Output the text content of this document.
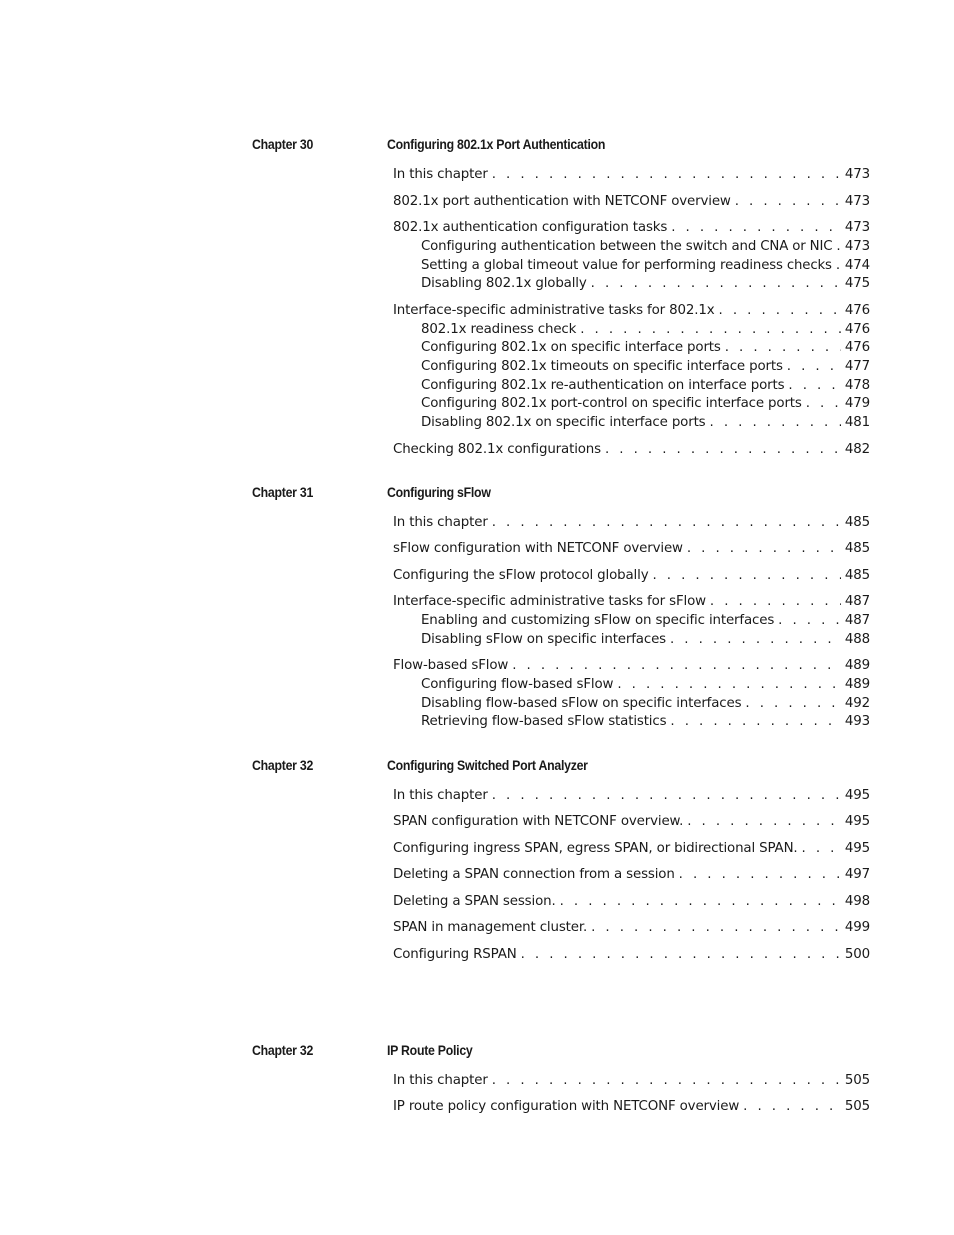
Chapter 30	Configuring 802.1x Port Authentication
In this chapter . . .	473
802.1x port authentication with NETCONF overview . . .	473
802.1x authentication configuration tasks . . .	473
Configuring authentication between the switch and CNA or NIC . . . 473
Setting a global timeout value for performing readiness checks . . . 474
Disabling 802.1x globally . . .	475
Interface-specific administrative tasks for 802.1x . . .	476
802.1x readiness check . . .	476
Configuring 802.1x on specific interface ports . . .	476
Configuring 802.1x timeouts on specific interface ports . . .	477
Configuring 802.1x re-authentication on interface ports . . .	478
Configuring 802.1x port-control on specific interface ports . . .	479
Disabling 802.1x on specific interface ports . . .	481
Checking 802.1x configurations . . .	482
Chapter 31	Configuring sFlow
In this chapter . . .	485
sFlow configuration with NETCONF overview . . .	485
Configuring the sFlow protocol globally . . .	485
Interface-specific administrative tasks for sFlow . . .	487
Enabling and customizing sFlow on specific interfaces . . .	487
Disabling sFlow on specific interfaces . . .	488
Flow-based sFlow . . .	489
Configuring flow-based sFlow . . .	489
Disabling flow-based sFlow on specific interfaces . . .	492
Retrieving flow-based sFlow statistics . . .	493
Chapter 32	Configuring Switched Port Analyzer
In this chapter . . .	495
SPAN configuration with NETCONF overview. . . .	495
Configuring ingress SPAN, egress SPAN, or bidirectional SPAN. . . .	495
Deleting a SPAN connection from a session . . .	497
Deleting a SPAN session. . . .	498
SPAN in management cluster. . . .	499
Configuring RSPAN . . .	500
Chapter 32	IP Route Policy
In this chapter . . .	505
IP route policy configuration with NETCONF overview . . .	505
